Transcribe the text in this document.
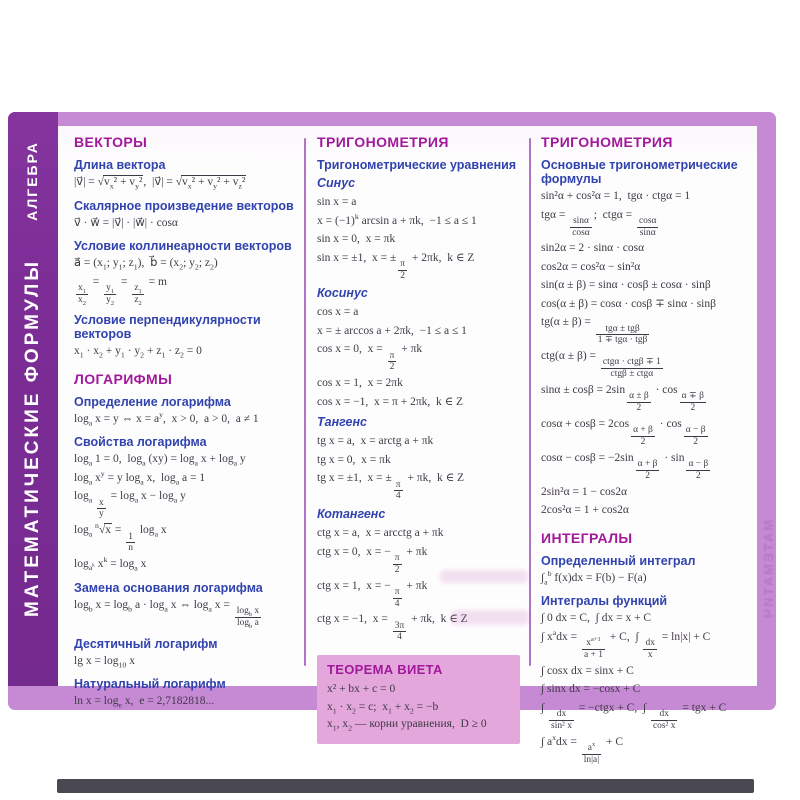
МАТЕМАТИЧЕСКИЕ ФОРМУЛЫ
АЛГЕБРА ВЕКТОРЫ
Длина вектора
|v⃗| = $√v_x^2 + v_y^2$,  |v⃗| = $√v_x^2 + v_y^2 + v_z^2$
Скалярное произведение векторов
v⃗ · w⃗ = |v⃗| · |w⃗| · cosα
Условие коллинеарности векторов
a⃗ = ($x_1$; $y_1$; $z_1$),  b⃗ = ($x_2$; $y_2$; $z_2$)
$\frac{x_1}{x_2}$
=
$\frac{y_1}{y_2}$
=
$\frac{z_1}{z_2}$
= m
Условие перпендикулярности векторов
$x_1 \cdot x_2 + y_1 \cdot y_2 + z_1 \cdot z_2 = 0$
ЛОГАРИФМЫ
Определение логарифма
$\log_a x = y$ ⇔ $x = a^y$,  x > 0,  a > 0,  a ≠ 1
Свойства логарифма
$\log_a 1 = 0$,  $\log_a (xy) = \log_a x + \log_a y$
$\log_a x^y = y$ $\log_a x$,  $\log_a a = 1$
$\log_a \frac{x}{y}$
= $\log_a x - \log_a y$
$\log_a ^n√x$ =
$\frac{1}{n}$
$\log_a x$
$\log_{a^k} x^k = \log_a x$
Замена основания логарифма
$\log_b x = \log_b a \cdot \log_a x$ ⇔ $\log_a x$ =
$\frac{\log_b x}{\log_b a}$
Десятичный логарифм
$\lg x = \log_{10} x$
Натуральный логарифм
$\ln x = \log_e x$,  e = 2,7182818...
ТРИГОНОМЕТРИЯ
Тригонометрические уравнения
Синус
sin x = a
$x = (-1)^k$ arcsin a + πk,  −1 ≤ a ≤ 1
sin x = 0,  x = πk
sin x = ±1,  x = ±
$\frac{\pi}{2}$
+ 2πk,  k ∈ Z
Косинус
cos x = a
x = ± arccos a + 2πk,  −1 ≤ a ≤ 1
cos x = 0,  x =
$\frac{\pi}{2}$
+ πk
cos x = 1,  x = 2πk
cos x = −1,  x = π + 2πk,  k ∈ Z
Тангенс
tg x = a,  x = arctg a + πk
tg x = 0,  x = πk
tg x = ±1,  x = ±
$\frac{\pi}{4}$
+ πk,  k ∈ Z
Котангенс
ctg x = a,  x = arcctg a + πk
ctg x = 0,  x = −
$\frac{\pi}{2}$
+ πk
ctg x = 1,  x = −
$\frac{\pi}{4}$
+ πk
ctg x = −1,  x =
$\frac{3\pi}{4}$
+ πk,  k ∈ Z
ТЕОРЕМА ВИЕТА
x² + bx + c = 0
$x_1 \cdot x_2 = c$;  $x_1 + x_2 = -b$
$x_1$, $x_2$ — корни уравнения,  D ≥ 0
ТРИГОНОМЕТРИЯ
Основные тригонометрические формулы
sin²α + cos²α = 1,  tgα · ctgα = 1
tgα =
$\frac{\sin\alpha}{\cos\alpha}$
;  ctgα =
$\frac{\cos\alpha}{\sin\alpha}$
sin2α = 2 · sinα · cosα
cos2α = cos²α − sin²α
sin(α ± β) = sinα · cosβ ± cosα · sinβ
cos(α ± β) = cosα · cosβ ∓ sinα · sinβ
tg(α ± β) =
$\frac{\text{tgα ± tgβ}}{\text{1 ∓ tgα · tgβ}}$
ctg(α ± β) =
$\frac{\text{ctgα · ctgβ ∓ 1}}{\text{ctgβ ± ctgα}}$
sinα ± cosβ = 2sin
$\frac{\alpha \pm \beta}{2}$
· cos
$\frac{\alpha \mp \beta}{2}$
cosα + cosβ = 2cos
$\frac{\alpha + \beta}{2}$
· cos
$\frac{\alpha - \beta}{2}$
cosα − cosβ = −2sin
$\frac{\alpha + \beta}{2}$
· sin
$\frac{\alpha - \beta}{2}$
2sin²α = 1 − cos2α
2cos²α = 1 + cos2α
ИНТЕГРАЛЫ
Определенный интеграл
$\int_a^b$ f(x)dx = F(b) − F(a)
Интегралы функций
∫ 0 dx = C,  ∫ dx = x + C
∫ $x^adx$ =
$\frac{x^{a+1}}{a + 1}$
+ C,  ∫
$\frac{dx}{x}$
= ln|x| + C
∫ cosx dx = sinx + C
∫ sinx dx = −cosx + C
∫
$\frac{dx}{\text{sin² x}}$
= −ctgx + C,  ∫
$\frac{dx}{\text{cos² x}}$
= tgx + C
∫ $a^xdx$ =
$\frac{a^x}{\ln|a|}$
+ C
МАТЕМАТИЧ
